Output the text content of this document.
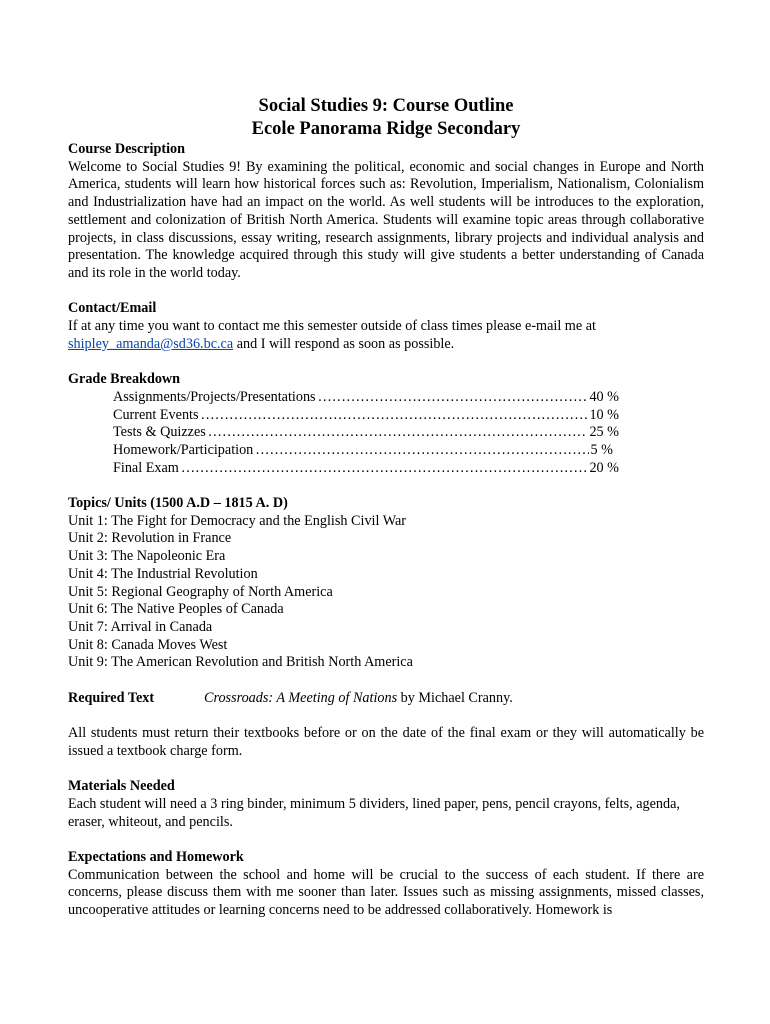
Social Studies 9: Course Outline
Ecole Panorama Ridge Secondary

Course Description

Welcome to Social Studies 9! By examining the political, economic and social changes in Europe and North America, students will learn how historical forces such as: Revolution, Imperialism, Nationalism, Colonialism and Industrialization have had an impact on the world. As well students will be introduces to the exploration, settlement and colonization of British North America. Students will examine topic areas through collaborative projects, in class discussions, essay writing, research assignments, library projects and individual analysis and presentation. The knowledge acquired through this study will give students a better understanding of Canada and its role in the world today.

Contact/Email

If at any time you want to contact me this semester outside of class times please e-mail me at

shipley_amanda@sd36.bc.ca and I will respond as soon as possible.

Grade Breakdown

Assignments/Projects/Presentations ………………………………………………………………………………………………………………	40 %
Current Events ………………………………………………………………………………………………………………	10 %
Tests & Quizzes ………………………………………………………………………………………………………………	25 %
Homework/Participation ………………………………………………………………………………………………………………	5 %
Final Exam ………………………………………………………………………………………………………………	20 %

Topics/ Units (1500 A.D – 1815 A. D)

Unit 1: The Fight for Democracy and the English Civil War

Unit 2: Revolution in France

Unit 3: The Napoleonic Era

Unit 4: The Industrial Revolution

Unit 5: Regional Geography of North America

Unit 6: The Native Peoples of Canada

Unit 7: Arrival in Canada

Unit 8: Canada Moves West

Unit 9: The American Revolution and British North America

Required Text	Crossroads: A Meeting of Nations by Michael Cranny.

All students must return their textbooks before or on the date of the final exam or they will automatically be issued a textbook charge form.

Materials Needed

Each student will need a 3 ring binder, minimum 5 dividers, lined paper, pens, pencil crayons, felts, agenda, eraser, whiteout, and pencils.

Expectations and Homework

Communication between the school and home will be crucial to the success of each student. If there are concerns, please discuss them with me sooner than later. Issues such as missing assignments, missed classes, uncooperative attitudes or learning concerns need to be addressed collaboratively. Homework is
